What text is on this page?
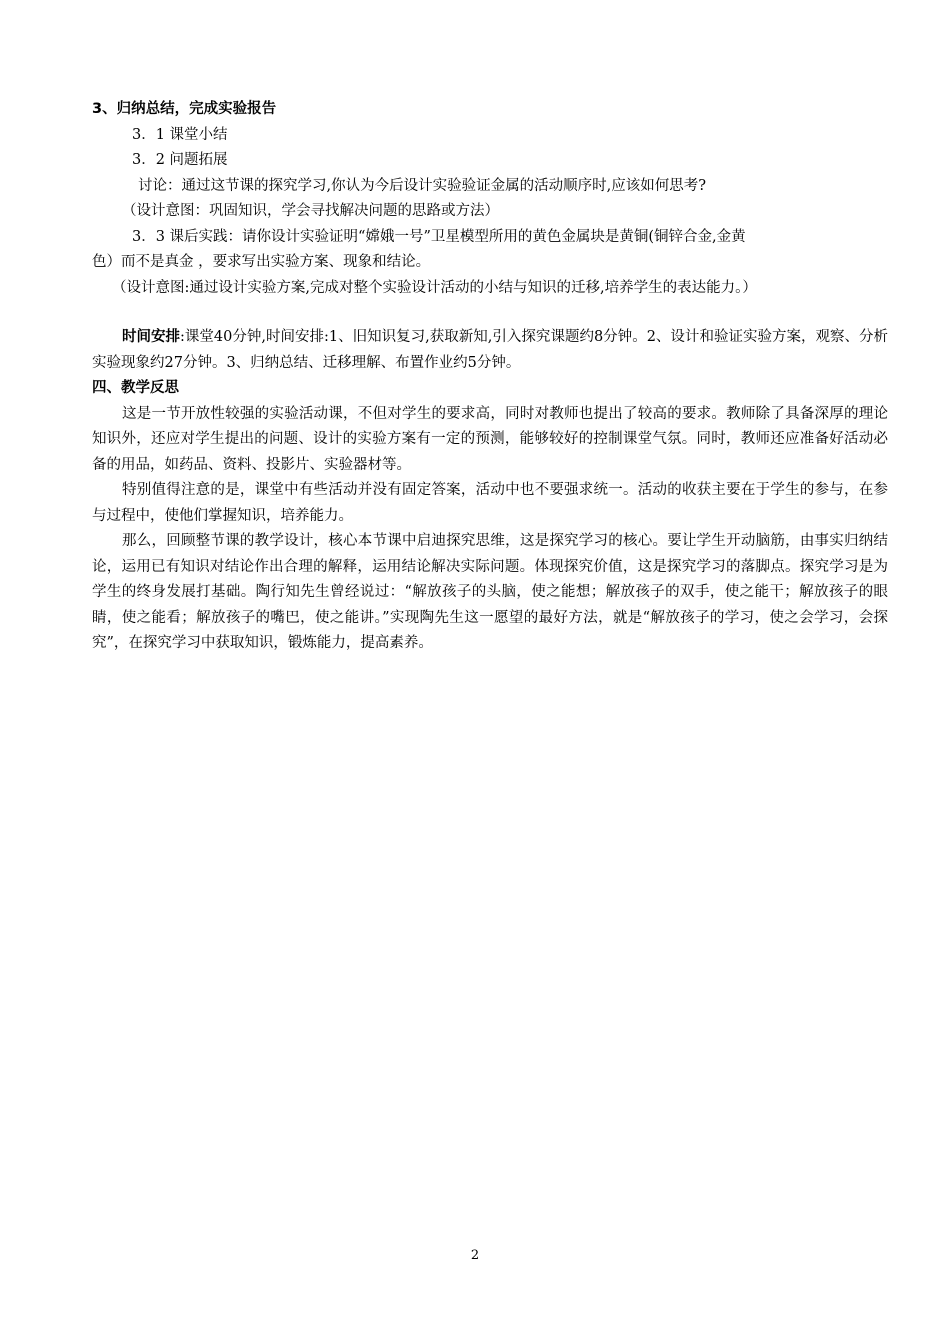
3、归纳总结，完成实验报告

3．1 课堂小结

3．2 问题拓展

讨论：通过这节课的探究学习,你认为今后设计实验验证金属的活动顺序时,应该如何思考?

（设计意图：巩固知识，学会寻找解决问题的思路或方法）

3．3 课后实践：请你设计实验证明“嫦娥一号”卫星模型所用的黄色金属块是黄铜(铜锌合金,金黄

色）而不是真金 ，要求写出实验方案、现象和结论。

（设计意图:通过设计实验方案,完成对整个实验设计活动的小结与知识的迁移,培养学生的表达能力。）

时间安排:课堂40分钟,时间安排:1、旧知识复习,获取新知,引入探究课题约8分钟。2、设计和验证实验方案，观察、分析实验现象约27分钟。3、归纳总结、迁移理解、布置作业约5分钟。

四、教学反思

这是一节开放性较强的实验活动课，不但对学生的要求高，同时对教师也提出了较高的要求。教师除了具备深厚的理论知识外，还应对学生提出的问题、设计的实验方案有一定的预测，能够较好的控制课堂气氛。同时，教师还应准备好活动必备的用品，如药品、资料、投影片、实验器材等。

特别值得注意的是，课堂中有些活动并没有固定答案，活动中也不要强求统一。活动的收获主要在于学生的参与，在参与过程中，使他们掌握知识，培养能力。

那么，回顾整节课的教学设计，核心本节课中启迪探究思维，这是探究学习的核心。要让学生开动脑筋，由事实归纳结论，运用已有知识对结论作出合理的解释，运用结论解决实际问题。体现探究价值，这是探究学习的落脚点。探究学习是为学生的终身发展打基础。陶行知先生曾经说过：“解放孩子的头脑，使之能想；解放孩子的双手，使之能干；解放孩子的眼睛，使之能看；解放孩子的嘴巴，使之能讲。”实现陶先生这一愿望的最好方法，就是“解放孩子的学习，使之会学习，会探究”，在探究学习中获取知识，锻炼能力，提高素养。

2
